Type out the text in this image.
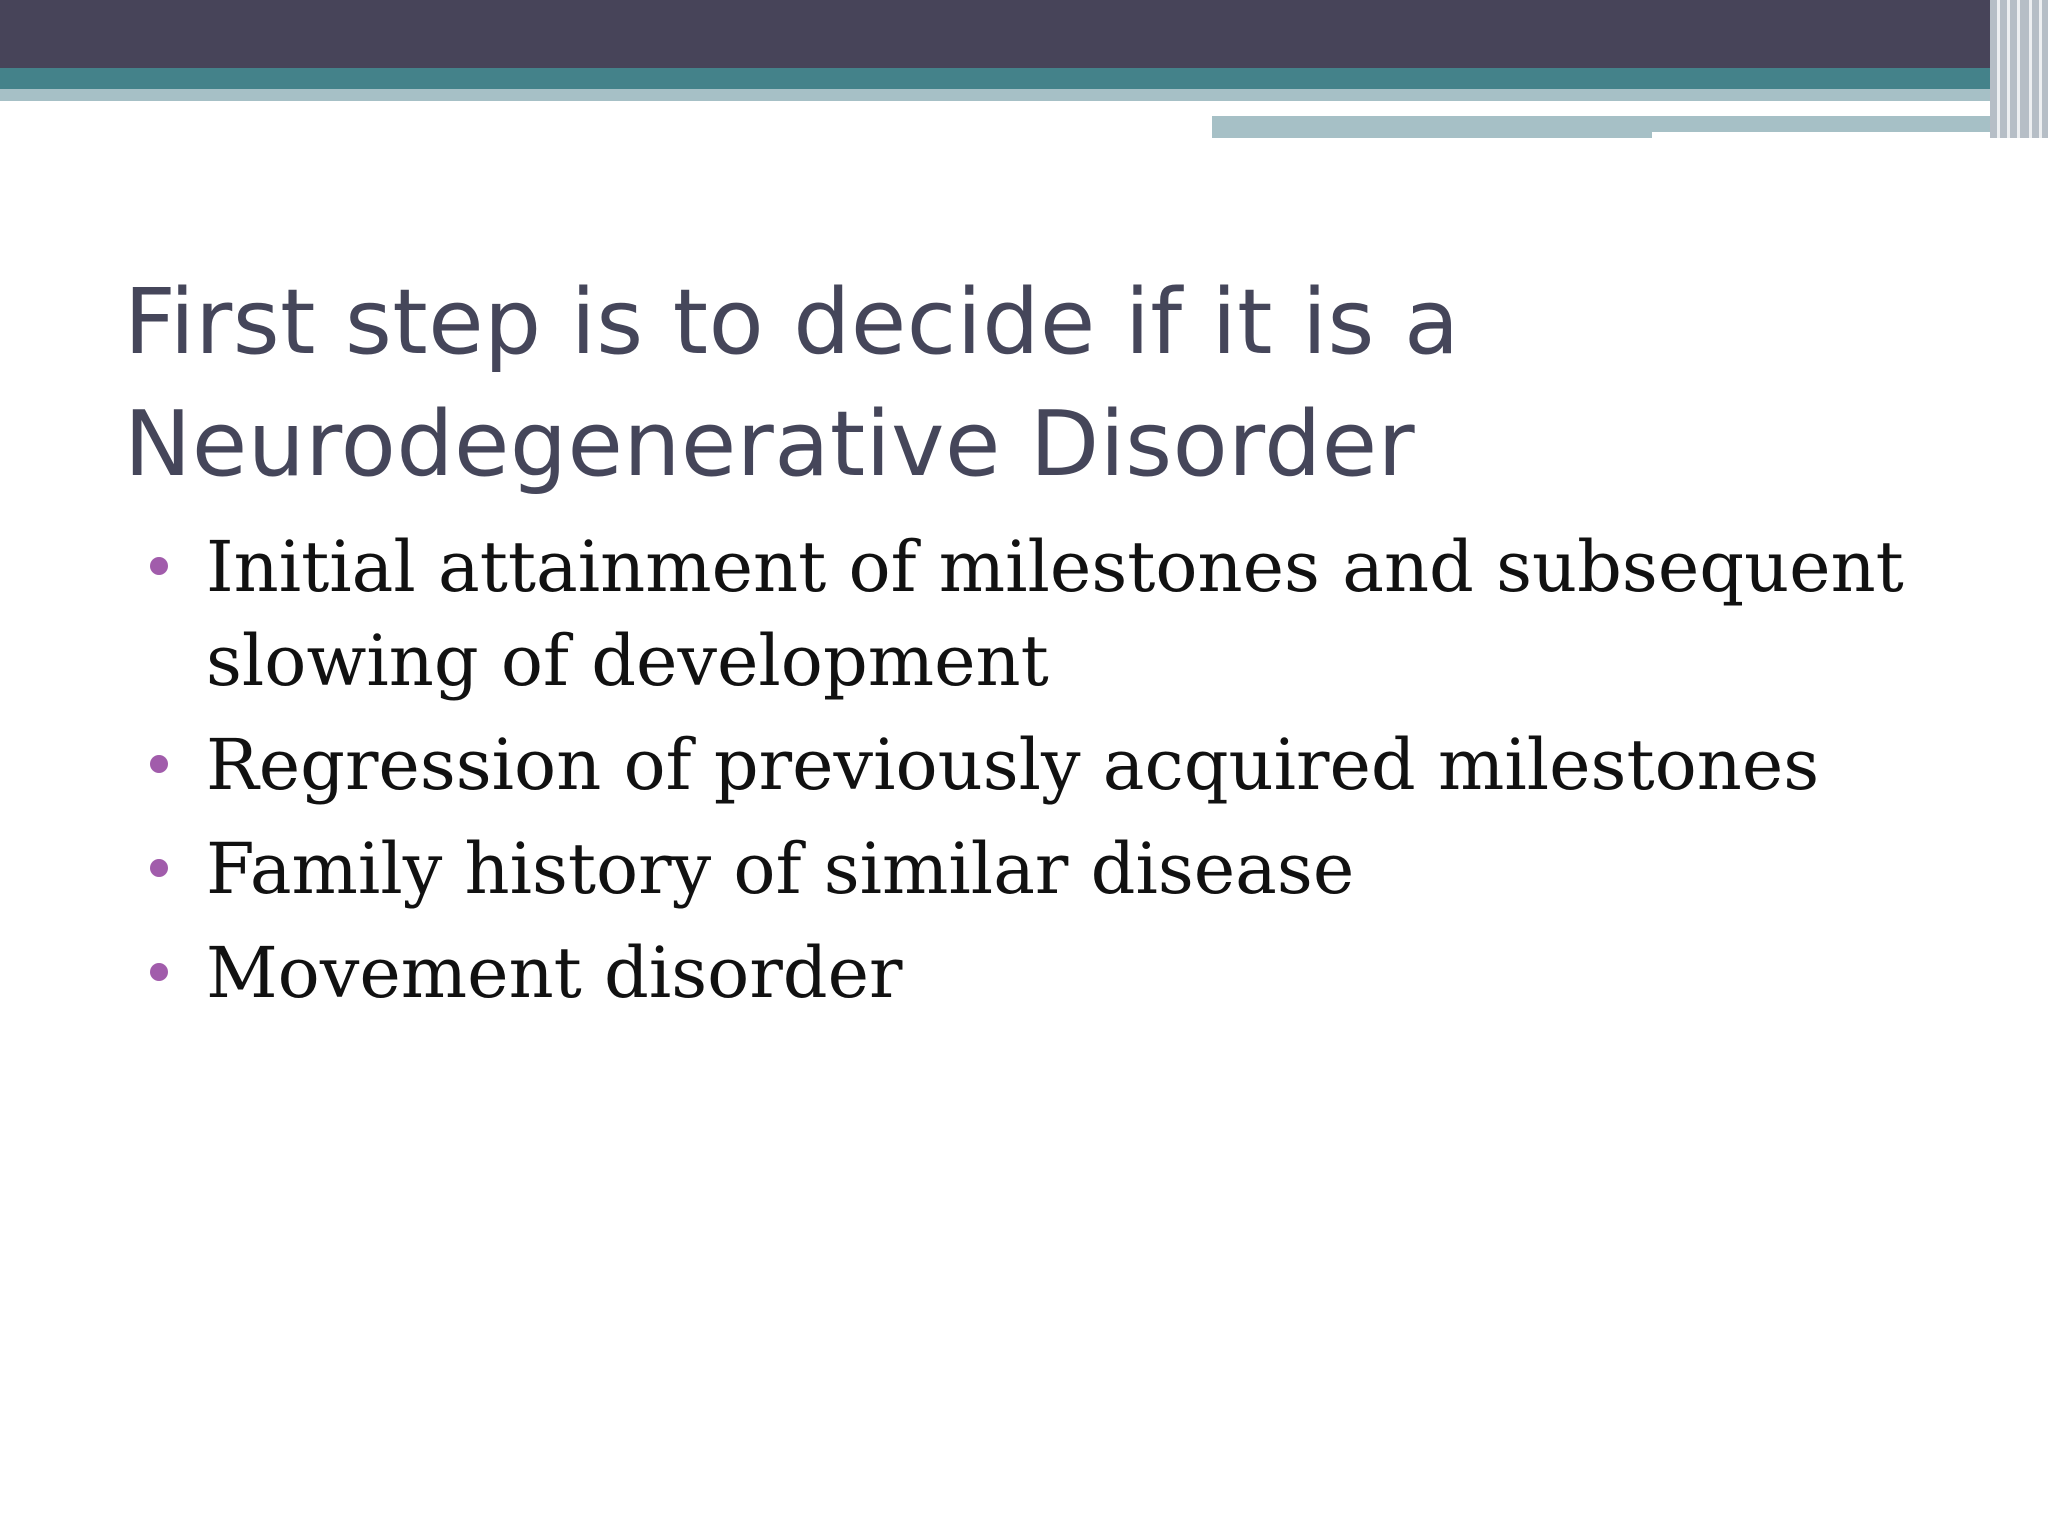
First step is to decide if it is a
Neurodegenerative Disorder
Initial attainment of milestones and subsequent slowing of development
Regression of previously acquired milestones
Family history of similar disease
Movement disorder
